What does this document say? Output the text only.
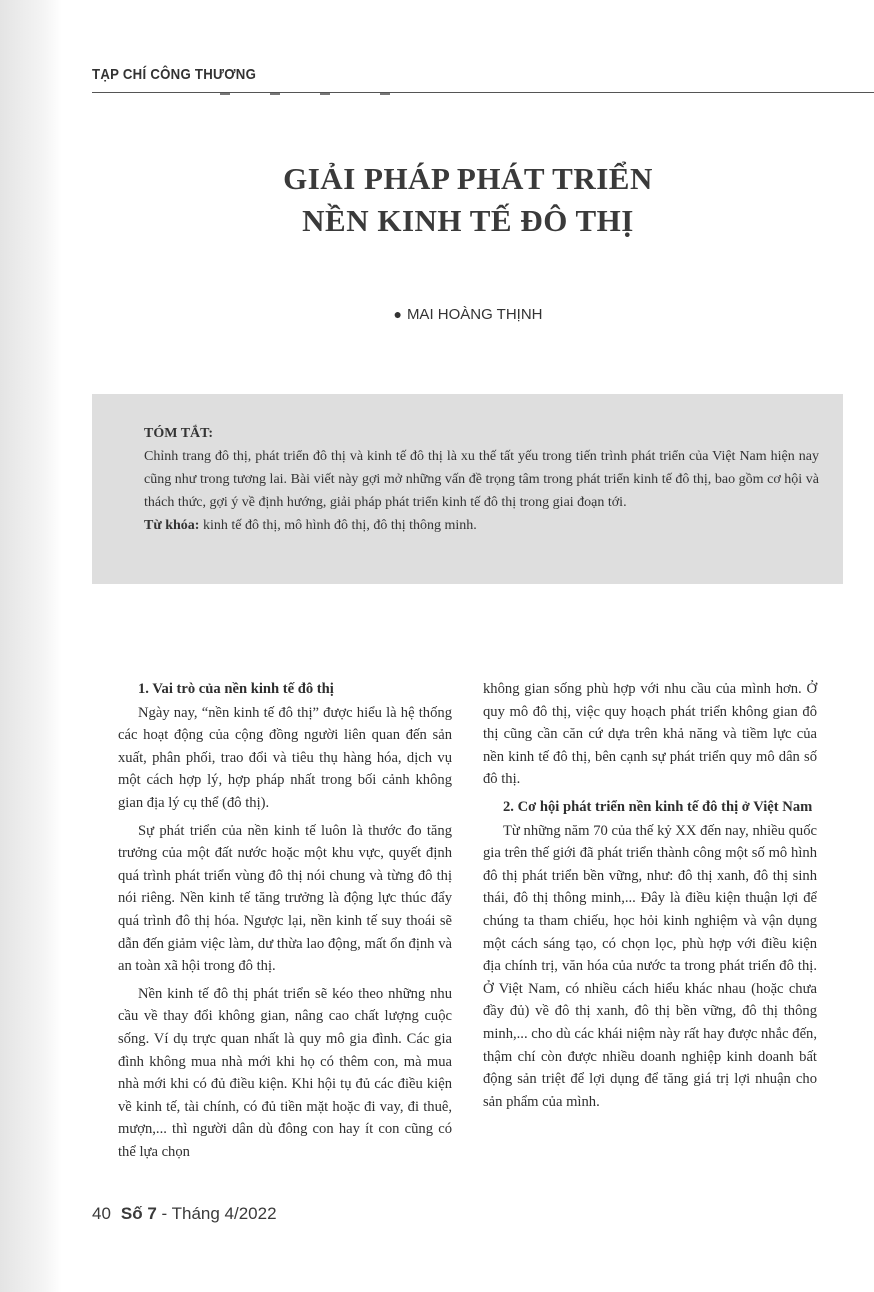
TẠP CHÍ CÔNG THƯƠNG
GIẢI PHÁP PHÁT TRIỂN
NỀN KINH TẾ ĐÔ THỊ
● MAI HOÀNG THỊNH
TÓM TẮT:

Chỉnh trang đô thị, phát triển đô thị và kinh tế đô thị là xu thế tất yếu trong tiến trình phát triển của Việt Nam hiện nay cũng như trong tương lai. Bài viết này gợi mở những vấn đề trọng tâm trong phát triển kinh tế đô thị, bao gồm cơ hội và thách thức, gợi ý về định hướng, giải pháp phát triển kinh tế đô thị trong giai đoạn tới.

Từ khóa: kinh tế đô thị, mô hình đô thị, đô thị thông minh.

1. Vai trò của nền kinh tế đô thị

Ngày nay, “nền kinh tế đô thị” được hiểu là hệ thống các hoạt động của cộng đồng người liên quan đến sản xuất, phân phối, trao đổi và tiêu thụ hàng hóa, dịch vụ một cách hợp lý, hợp pháp nhất trong bối cảnh không gian địa lý cụ thể (đô thị).

Sự phát triển của nền kinh tế luôn là thước đo tăng trưởng của một đất nước hoặc một khu vực, quyết định quá trình phát triển vùng đô thị nói chung và từng đô thị nói riêng. Nền kinh tế tăng trưởng là động lực thúc đẩy quá trình đô thị hóa. Ngược lại, nền kinh tế suy thoái sẽ dẫn đến giảm việc làm, dư thừa lao động, mất ổn định và an toàn xã hội trong đô thị.

Nền kinh tế đô thị phát triển sẽ kéo theo những nhu cầu về thay đổi không gian, nâng cao chất lượng cuộc sống. Ví dụ trực quan nhất là quy mô gia đình. Các gia đình không mua nhà mới khi họ có thêm con, mà mua nhà mới khi có đủ điều kiện. Khi hội tụ đủ các điều kiện về kinh tế, tài chính, có đủ tiền mặt hoặc đi vay, đi thuê, mượn,... thì người dân dù đông con hay ít con cũng có thể lựa chọn

không gian sống phù hợp với nhu cầu của mình hơn. Ở quy mô đô thị, việc quy hoạch phát triển không gian đô thị cũng cần căn cứ dựa trên khả năng và tiềm lực của nền kinh tế đô thị, bên cạnh sự phát triển quy mô dân số đô thị.

2. Cơ hội phát triển nền kinh tế đô thị ở Việt Nam

Từ những năm 70 của thế kỷ XX đến nay, nhiều quốc gia trên thế giới đã phát triển thành công một số mô hình đô thị phát triển bền vững, như: đô thị xanh, đô thị sinh thái, đô thị thông minh,... Đây là điều kiện thuận lợi để chúng ta tham chiếu, học hỏi kinh nghiệm và vận dụng một cách sáng tạo, có chọn lọc, phù hợp với điều kiện địa chính trị, văn hóa của nước ta trong phát triển đô thị. Ở Việt Nam, có nhiều cách hiểu khác nhau (hoặc chưa đầy đủ) về đô thị xanh, đô thị bền vững, đô thị thông minh,... cho dù các khái niệm này rất hay được nhắc đến, thậm chí còn được nhiều doanh nghiệp kinh doanh bất động sản triệt để lợi dụng để tăng giá trị lợi nhuận cho sản phẩm của mình.

40 Số 7 - Tháng 4/2022
